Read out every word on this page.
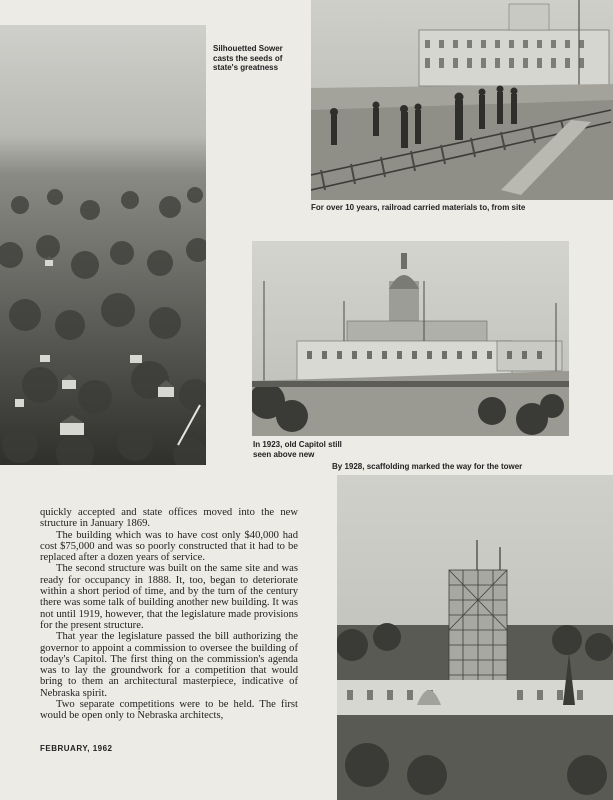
Silhouetted Sower casts the seeds of state's greatness
For over 10 years, railroad carried materials to, from site
In 1923, old Capitol still seen above new
By 1928, scaffolding marked the way for the tower

quickly accepted and state offices moved into the new structure in January 1869.

The building which was to have cost only $40,000 had cost $75,000 and was so poorly constructed that it had to be replaced after a dozen years of service.

The second structure was built on the same site and was ready for occupancy in 1888. It, too, began to deteriorate within a short period of time, and by the turn of the century there was some talk of building another new building. It was not until 1919, however, that the legislature made provisions for the present structure.

That year the legislature passed the bill authorizing the governor to appoint a commission to oversee the building of today's Capitol. The first thing on the commission's agenda was to lay the groundwork for a competition that would bring to them an architectural masterpiece, indicative of Nebraska spirit.

Two separate competitions were to be held. The first would be open only to Nebraska architects,

FEBRUARY, 1962
